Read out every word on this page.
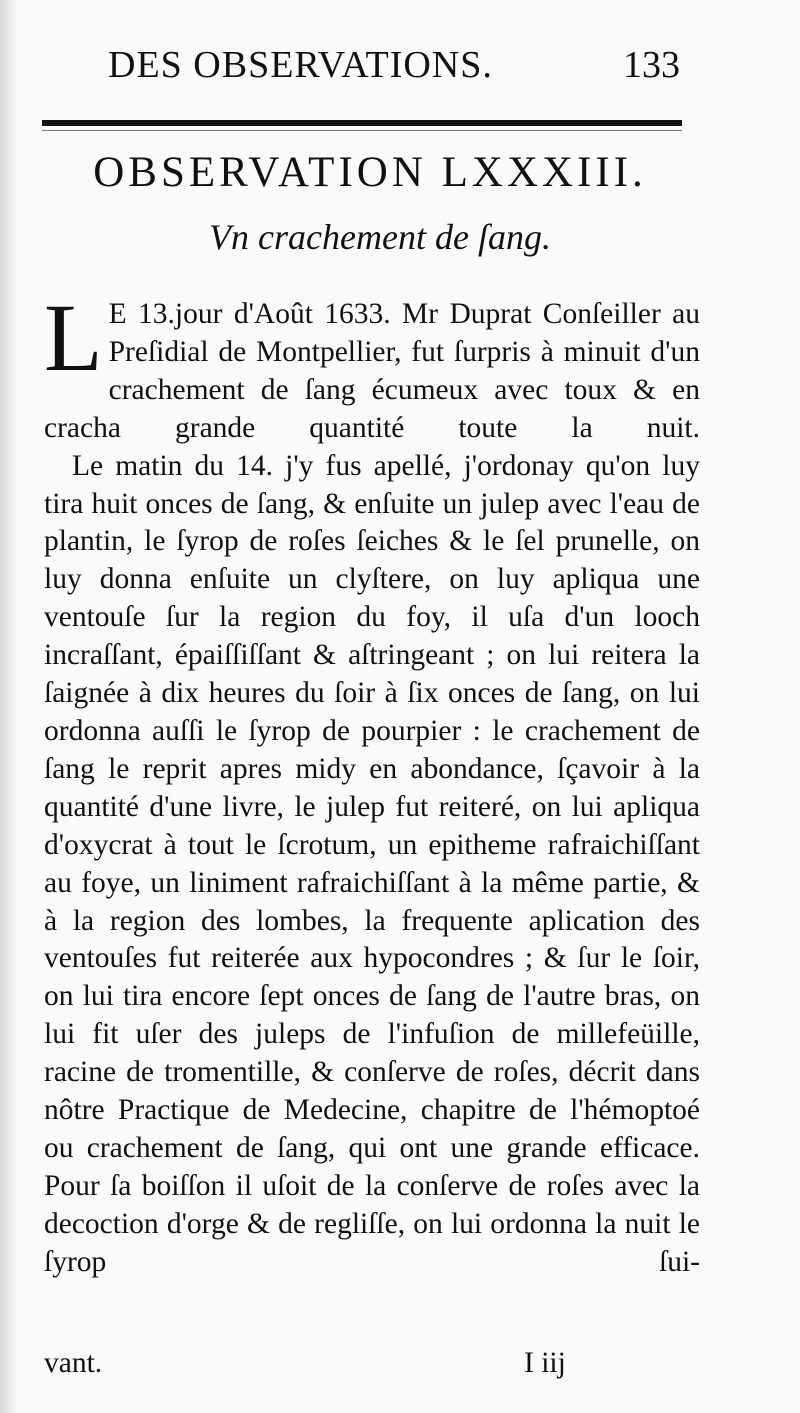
DES OBSERVATIONS.	133
OBSERVATION LXXXIII.
Vn crachement de ſang.

L E 13.jour d'Août 1633. Mr Duprat Conſeiller au Preſidial de Montpellier, fut ſurpris à minuit d'un crachement de ſang écumeux avec toux & en cracha grande quantité toute la nuit.

Le matin du 14. j'y fus apellé, j'ordonay qu'on luy tira huit onces de ſang, & enſuite un julep avec l'eau de plantin, le ſyrop de roſes ſeiches & le ſel prunelle, on luy donna enſuite un clyſtere, on luy apliqua une ventouſe ſur la region du foy, il uſa d'un looch incraſſant, épaiſſiſſant & aſtringeant ; on lui reitera la ſaignée à dix heures du ſoir à ſix onces de ſang, on lui ordonna auſſi le ſyrop de pourpier : le crachement de ſang le reprit apres midy en abondance, ſçavoir à la quantité d'une livre, le julep fut reiteré, on lui apliqua d'oxycrat à tout le ſcrotum, un epitheme rafraichiſſant au foye, un liniment rafraichiſſant à la même partie, & à la region des lombes, la frequente aplication des ventouſes fut reiterée aux hypocondres ; & ſur le ſoir, on lui tira encore ſept onces de ſang de l'autre bras, on lui fit uſer des juleps de l'infuſion de millefeüille, racine de tromentille, & conſerve de roſes, décrit dans nôtre Practique de Medecine, chapitre de l'hémoptoé ou crachement de ſang, qui ont une grande efficace. Pour ſa boiſſon il uſoit de la conſerve de roſes avec la decoction d'orge & de regliſſe, on lui ordonna la nuit le ſyrop ſui-

vant.	I iij
